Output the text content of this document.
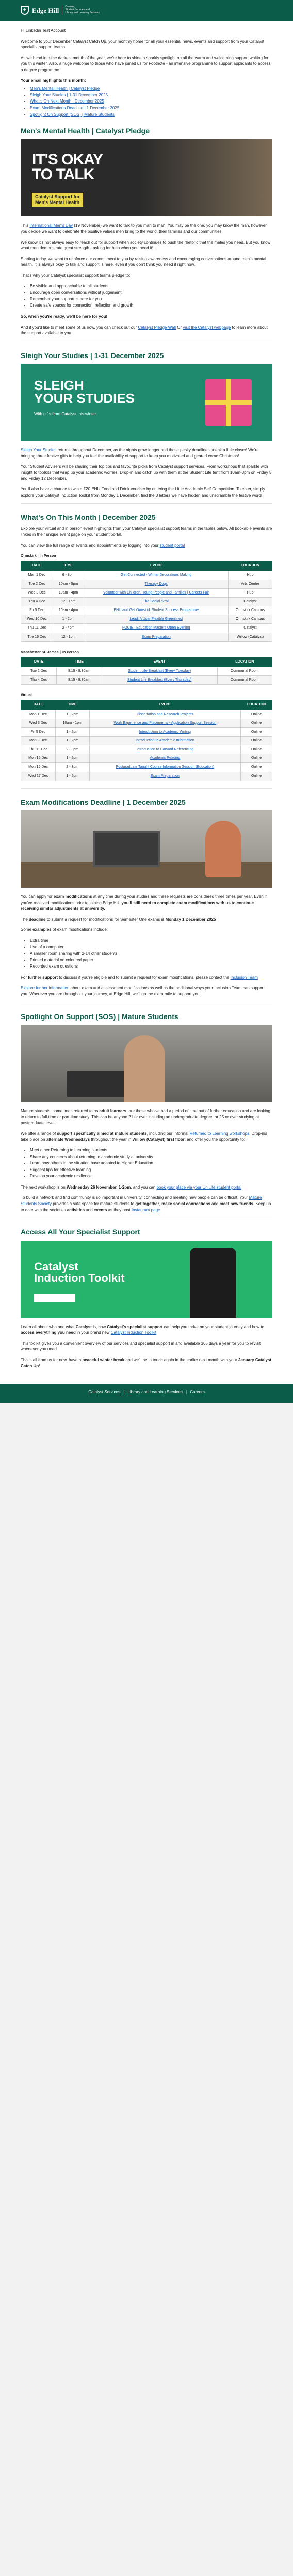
✚ Edge Hill Careers,
Student Services and
Library and Learning Services

Hi Linkedin Test Account

Welcome to your December Catalyst Catch Up, your monthly home for all your essential news, events and support from your Catalyst specialist support teams.

As we head into the darkest month of the year, we're here to shine a sparkly spotlight on all the warm and welcoming support waiting for you this winter. Also, a huge welcome to those who have joined us for Footnote - an intensive programme to support applicants to access a degree programme

Your email highlights this month:
• Men's Mental Health | Catalyst Pledge
• Sleigh Your Studies | 1-31 December 2025
• What's On Next Month | December 2025
• Exam Modifications Deadline | 1 December 2025
• Spotlight On Support (SOS) | Mature Students
Men's Mental Health | Catalyst Pledge
IT'S OKAY
TO TALK
Catalyst Support for
Men's Mental Health

This International Men's Day (19 November) we want to talk to you man to man. You may be the one, you may know the man, however you decide we want to celebrate the positive values men bring to the world, their families and our communities.

We know it's not always easy to reach out for support when society continues to push the rhetoric that the males you need. But you know what men demonstrate great strength - asking for help when you need it!

Starting today, we want to reinforce our commitment to you by raising awareness and encouraging conversations around men's mental health. It is always okay to talk and support is here, even if you don't think you need it right now.

That's why your Catalyst specialist support teams pledge to:

• Be visible and approachable to all students
• Encourage open conversations without judgement
• Remember your support is here for you
• Create safe spaces for connection, reflection and growth

So, when you're ready, we'll be here for you!

And if you'd like to meet some of us now, you can check out our Catalyst Pledge Wall Or visit the Catalyst webpage to learn more about the support available to you.

Sleigh Your Studies | 1-31 December 2025
SLEIGH
YOUR STUDIES
With gifts from Catalyst this winter

Sleigh Your Studies returns throughout December, as the nights grow longer and those pesky deadlines sneak a little closer! We're bringing three festive gifts to help you feel the availability of support to keep you motivated and geared come Christmas!

Your Student Advisers will be sharing their top tips and favourite picks from Catalyst support services. From workshops that sparkle with insight to toolkits that wrap up your academic worries. Drop-in and catch up with them at the Student Life tent from 10am-3pm on Friday 5 and Friday 12 December.

You'll also have a chance to win a £20 EHU Food and Drink voucher by entering the Little Academic Self Competition. To enter, simply explore your Catalyst Induction Toolkit from Monday 1 December, find the 3 letters we have hidden and unscramble the festive word!

What's On This Month | December 2025

Explore your virtual and in person event highlights from your Catalyst specialist support teams in the tables below. All bookable events are linked in their unique event page on your student portal.

You can view the full range of events and appointments by logging into your student portal

Ormskirk | In Person
DATE	TIME	EVENT	LOCATION
Mon 1 Dec	6 - 8pm	Get Connected - Winter Decorations Making	Hub
Tue 2 Dec	10am - 5pm	Therapy Dogs	Arts Centre
Wed 3 Dec	10am - 4pm	Volunteer with Children, Young People and Families | Careers Fair	Hub
Thu 4 Dec	12 - 1pm	The Social Stroll	Catalyst
Fri 5 Dec	10am - 4pm	EHU and Get Ormskirk Student Success Programme	Ormskirk Campus
Wed 10 Dec	1 - 2pm	Lead: A User Flexible Greenlined	Ormskirk Campus
Thu 11 Dec	2 - 4pm	FOCIE | Education Masters Open Evening	Catalyst
Tue 16 Dec	12 - 1pm	Exam Preparation	Willow (Catalyst)
Manchester St. James' | In Person
DATE	TIME	EVENT	LOCATION
Tue 2 Dec	8.15 - 9.30am	Student Life Breakfast (Every Tuesday)	Communal Room
Thu 4 Dec	8.15 - 9.30am	Student Life Breakfast (Every Thursday)	Communal Room
Virtual
DATE	TIME	EVENT	LOCATION
Mon 1 Dec	1 - 2pm	Dissertation and Research Projects	Online
Wed 3 Dec	10am - 1pm	Work Experience and Placements - Application Support Session	Online
Fri 5 Dec	1 - 2pm	Introduction to Academic Writing	Online
Mon 8 Dec	1 - 2pm	Introduction to Academic Information	Online
Thu 11 Dec	2 - 3pm	Introduction to Harvard Referencing	Online
Mon 15 Dec	1 - 2pm	Academic Reading	Online
Mon 15 Dec	2 - 3pm	Postgraduate Taught Course Information Session (Education)	Online
Wed 17 Dec	1 - 2pm	Exam Preparation	Online
Exam Modifications Deadline | 1 December 2025

You can apply for exam modifications at any time during your studies and these requests are considered three times per year. Even if you've received modifications prior to joining Edge Hill, you'll still need to complete exam modifications with us to continue receiving similar adjustments at university.

The deadline to submit a request for modifications for Semester One exams is Monday 1 December 2025

Some examples of exam modifications include:

• Extra time
• Use of a computer
• A smaller room sharing with 2-14 other students
• Printed material on coloured paper
• Recorded exam questions

For further support to discuss if you're eligible and to submit a request for exam modifications, please contact the Inclusion Team

Explore further information about exam and assessment modifications as well as the additional ways your Inclusion Team can support you. Wherever you are throughout your journey, at Edge Hill, we'll go the extra mile to support you.

Spotlight On Support (SOS) | Mature Students

Mature students, sometimes referred to as adult learners, are those who've had a period of time out of further education and are looking to return to full-time or part-time study. This can be anyone 21 or over including an undergraduate degree, or 25 or over studying at postgraduate level.

We offer a range of support specifically aimed at mature students, including our informal Returned to Learning workshops. Drop-ins take place on alternate Wednesdays throughout the year in Willow (Catalyst) first floor, and offer you the opportunity to:

• Meet other Returning to Learning students
• Share any concerns about returning to academic study at university
• Learn how others in the situation have adapted to Higher Education
• Suggest tips for effective learning
• Develop your academic resilience

The next workshop is on Wednesday 26 November, 1-2pm, and you can book your place via your UniLife student portal

To build a network and find community is so important in university, connecting and meeting new people can be difficult. Your Mature Students Society provides a safe space for mature students to get together, make social connections and meet new friends. Keep up to date with the societies activities and events as they post Instagram page

Access All Your Specialist Support
Catalyst
Induction Toolkit

Learn all about who and what Catalyst is, how Catalyst's specialist support can help you thrive on your student journey and how to access everything you need in your brand new Catalyst Induction Toolkit

This toolkit gives you a convenient overview of our services and specialist support in and available 365 days a year for you to revisit whenever you need.

That's all from us for now, have a peaceful winter break and we'll be in touch again in the earlier next month with your January Catalyst Catch Up!

Catalyst Services | Library and Learning Services | Careers
